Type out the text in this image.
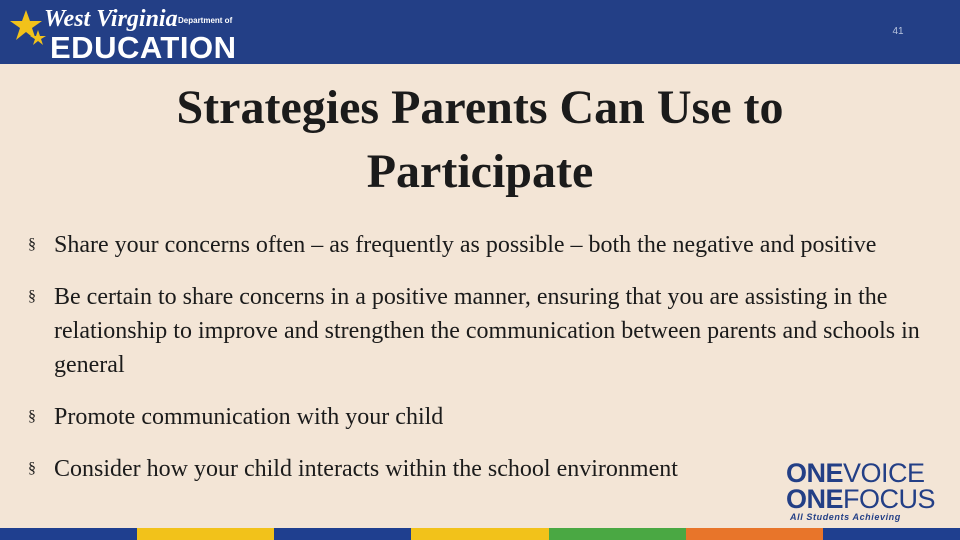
West Virginia Department of
EDUCATION	41
Strategies Parents Can Use to Participate
§ Share your concerns often – as frequently as possible – both the negative and positive
§ Be certain to share concerns in a positive manner, ensuring that you are assisting in the relationship to improve and strengthen the communication between parents and schools in general
§ Promote communication with your child
§ Consider how your child interacts within the school environment	ONEVOICE
ONEFOCUS
All Students Achieving
